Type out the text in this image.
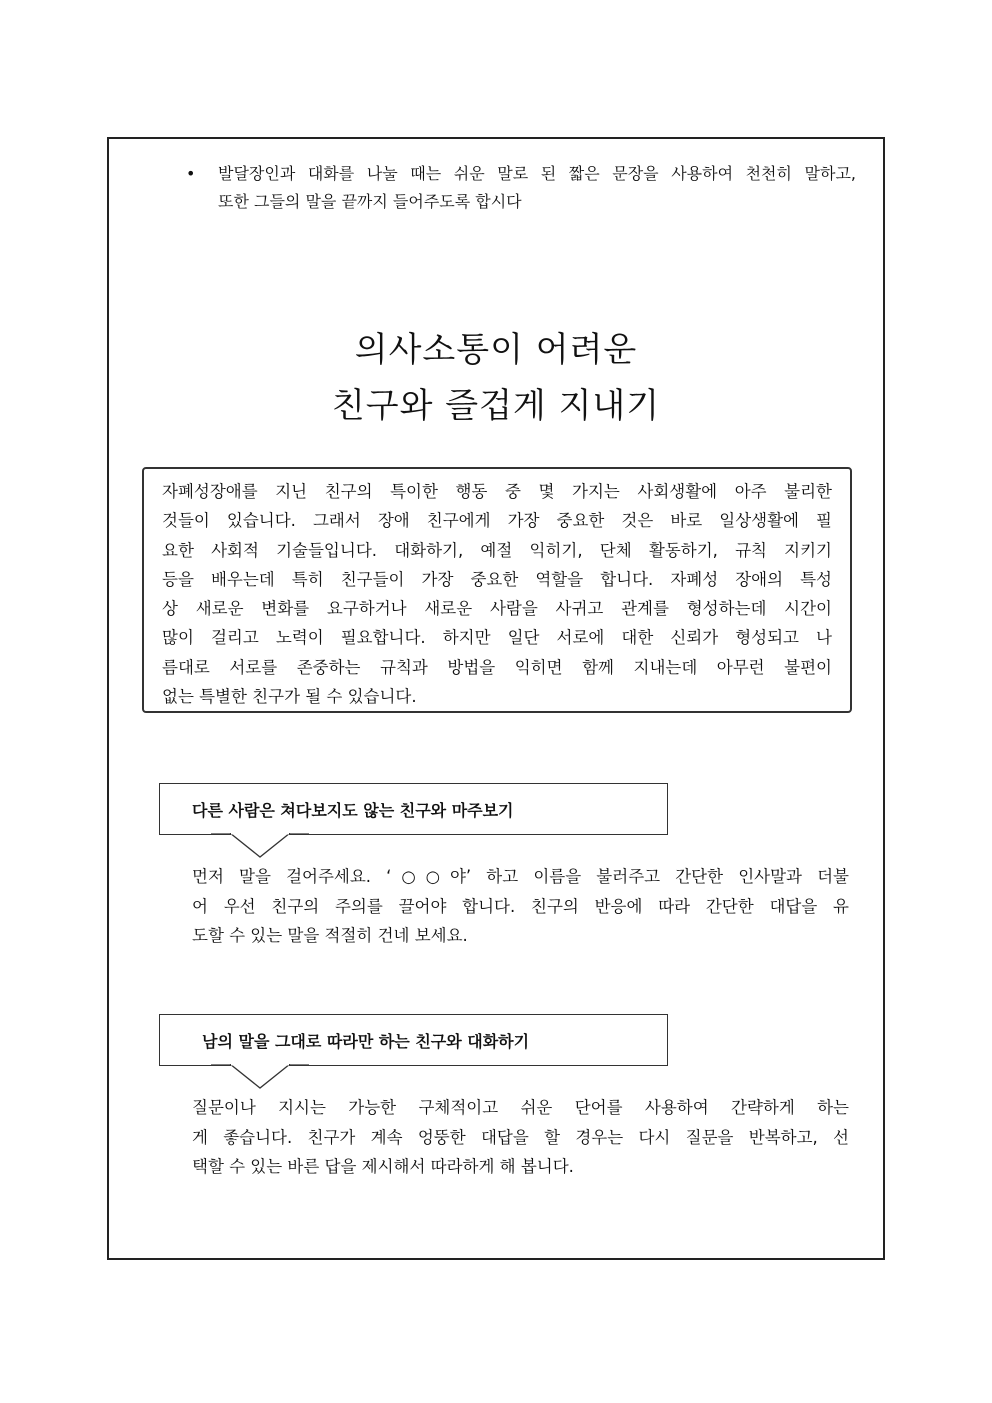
• 발달장인과 대화를 나눌 때는 쉬운 말로 된 짧은 문장을 사용하여 천천히 말하고,
또한 그들의 말을 끝까지 들어주도록 합시다
의사소통이 어려운
친구와 즐겁게 지내기
자폐성장애를 지닌 친구의 특이한 행동 중 몇 가지는 사회생활에 아주 불리한
것들이 있습니다. 그래서 장애 친구에게 가장 중요한 것은 바로 일상생활에 필
요한 사회적 기술들입니다. 대화하기, 예절 익히기, 단체 활동하기, 규칙 지키기
등을 배우는데 특히 친구들이 가장 중요한 역할을 합니다. 자폐성 장애의 특성
상 새로운 변화를 요구하거나 새로운 사람을 사귀고 관계를 형성하는데 시간이
많이 걸리고 노력이 필요합니다. 하지만 일단 서로에 대한 신뢰가 형성되고 나
름대로 서로를 존중하는 규칙과 방법을 익히면 함께 지내는데 아무런 불편이
없는 특별한 친구가 될 수 있습니다.
다른 사람은 쳐다보지도 않는 친구와 마주보기
먼저 말을 걸어주세요. ‘○○야’ 하고 이름을 불러주고 간단한 인사말과 더불
어 우선 친구의 주의를 끌어야 합니다. 친구의 반응에 따라 간단한 대답을 유
도할 수 있는 말을 적절히 건네 보세요.
남의 말을 그대로 따라만 하는 친구와 대화하기
질문이나 지시는 가능한 구체적이고 쉬운 단어를 사용하여 간략하게 하는
게 좋습니다. 친구가 계속 엉뚱한 대답을 할 경우는 다시 질문을 반복하고, 선
택할 수 있는 바른 답을 제시해서 따라하게 해 봅니다.
